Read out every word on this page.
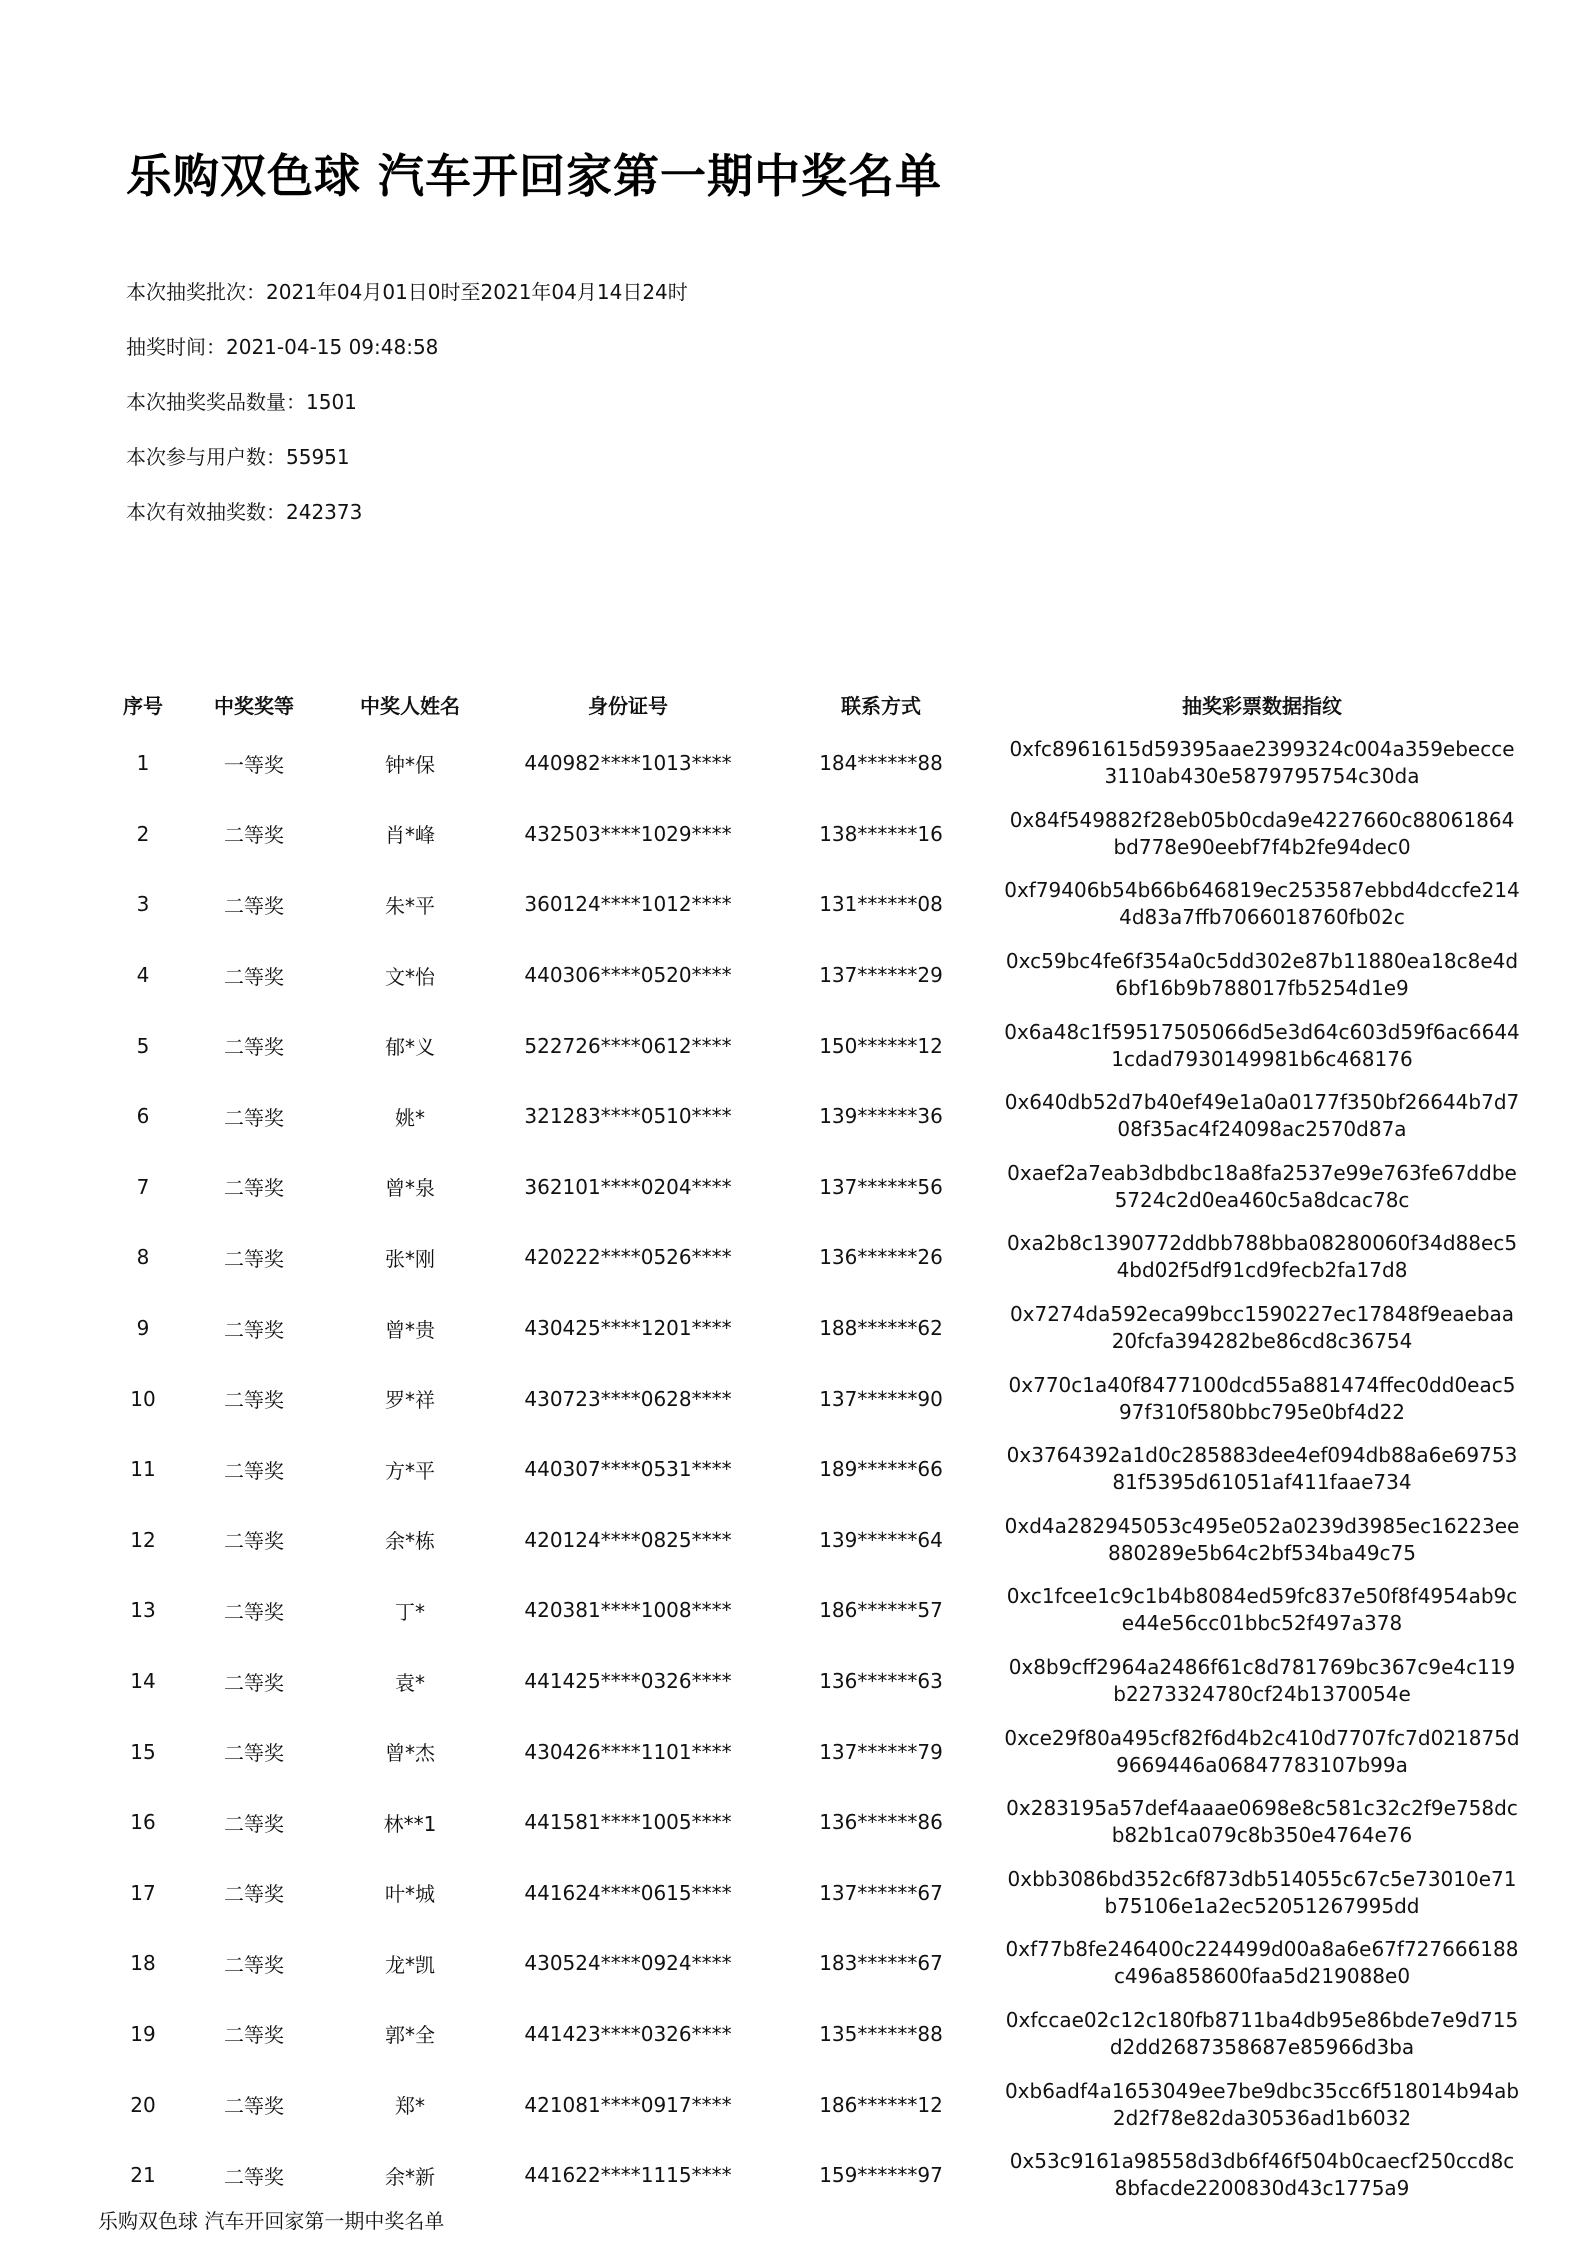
乐购双色球 汽车开回家第一期中奖名单
本次抽奖批次：2021年04月01日0时至2021年04月14日24时
抽奖时间：2021-04-15 09:48:58
本次抽奖奖品数量：1501
本次参与用户数：55951
本次有效抽奖数：242373
序号	中奖奖等	中奖人姓名	身份证号	联系方式	抽奖彩票数据指纹
1	一等奖	钟*保	440982****1013****	184******88	0xfc8961615d59395aae2399324c004a359ebecce3110ab430e5879795754c30da
2	二等奖	肖*峰	432503****1029****	138******16	0x84f549882f28eb05b0cda9e4227660c88061864bd778e90eebf7f4b2fe94dec0
3	二等奖	朱*平	360124****1012****	131******08	0xf79406b54b66b646819ec253587ebbd4dccfe2144d83a7ffb7066018760fb02c
4	二等奖	文*怡	440306****0520****	137******29	0xc59bc4fe6f354a0c5dd302e87b11880ea18c8e4d6bf16b9b788017fb5254d1e9
5	二等奖	郁*义	522726****0612****	150******12	0x6a48c1f59517505066d5e3d64c603d59f6ac66441cdad7930149981b6c468176
6	二等奖	姚*	321283****0510****	139******36	0x640db52d7b40ef49e1a0a0177f350bf26644b7d708f35ac4f24098ac2570d87a
7	二等奖	曾*泉	362101****0204****	137******56	0xaef2a7eab3dbdbc18a8fa2537e99e763fe67ddbe5724c2d0ea460c5a8dcac78c
8	二等奖	张*刚	420222****0526****	136******26	0xa2b8c1390772ddbb788bba08280060f34d88ec54bd02f5df91cd9fecb2fa17d8
9	二等奖	曾*贵	430425****1201****	188******62	0x7274da592eca99bcc1590227ec17848f9eaebaa20fcfa394282be86cd8c36754
10	二等奖	罗*祥	430723****0628****	137******90	0x770c1a40f8477100dcd55a881474ffec0dd0eac597f310f580bbc795e0bf4d22
11	二等奖	方*平	440307****0531****	189******66	0x3764392a1d0c285883dee4ef094db88a6e6975381f5395d61051af411faae734
12	二等奖	余*栋	420124****0825****	139******64	0xd4a282945053c495e052a0239d3985ec16223ee880289e5b64c2bf534ba49c75
13	二等奖	丁*	420381****1008****	186******57	0xc1fcee1c9c1b4b8084ed59fc837e50f8f4954ab9ce44e56cc01bbc52f497a378
14	二等奖	袁*	441425****0326****	136******63	0x8b9cff2964a2486f61c8d781769bc367c9e4c119b2273324780cf24b1370054e
15	二等奖	曾*杰	430426****1101****	137******79	0xce29f80a495cf82f6d4b2c410d7707fc7d021875d9669446a06847783107b99a
16	二等奖	林**1	441581****1005****	136******86	0x283195a57def4aaae0698e8c581c32c2f9e758dcb82b1ca079c8b350e4764e76
17	二等奖	叶*城	441624****0615****	137******67	0xbb3086bd352c6f873db514055c67c5e73010e71b75106e1a2ec52051267995dd
18	二等奖	龙*凯	430524****0924****	183******67	0xf77b8fe246400c224499d00a8a6e67f727666188c496a858600faa5d219088e0
19	二等奖	郭*全	441423****0326****	135******88	0xfccae02c12c180fb8711ba4db95e86bde7e9d715d2dd2687358687e85966d3ba
20	二等奖	郑*	421081****0917****	186******12	0xb6adf4a1653049ee7be9dbc35cc6f518014b94ab2d2f78e82da30536ad1b6032
21	二等奖	余*新	441622****1115****	159******97	0x53c9161a98558d3db6f46f504b0caecf250ccd8c8bfacde2200830d43c1775a9
乐购双色球 汽车开回家第一期中奖名单
